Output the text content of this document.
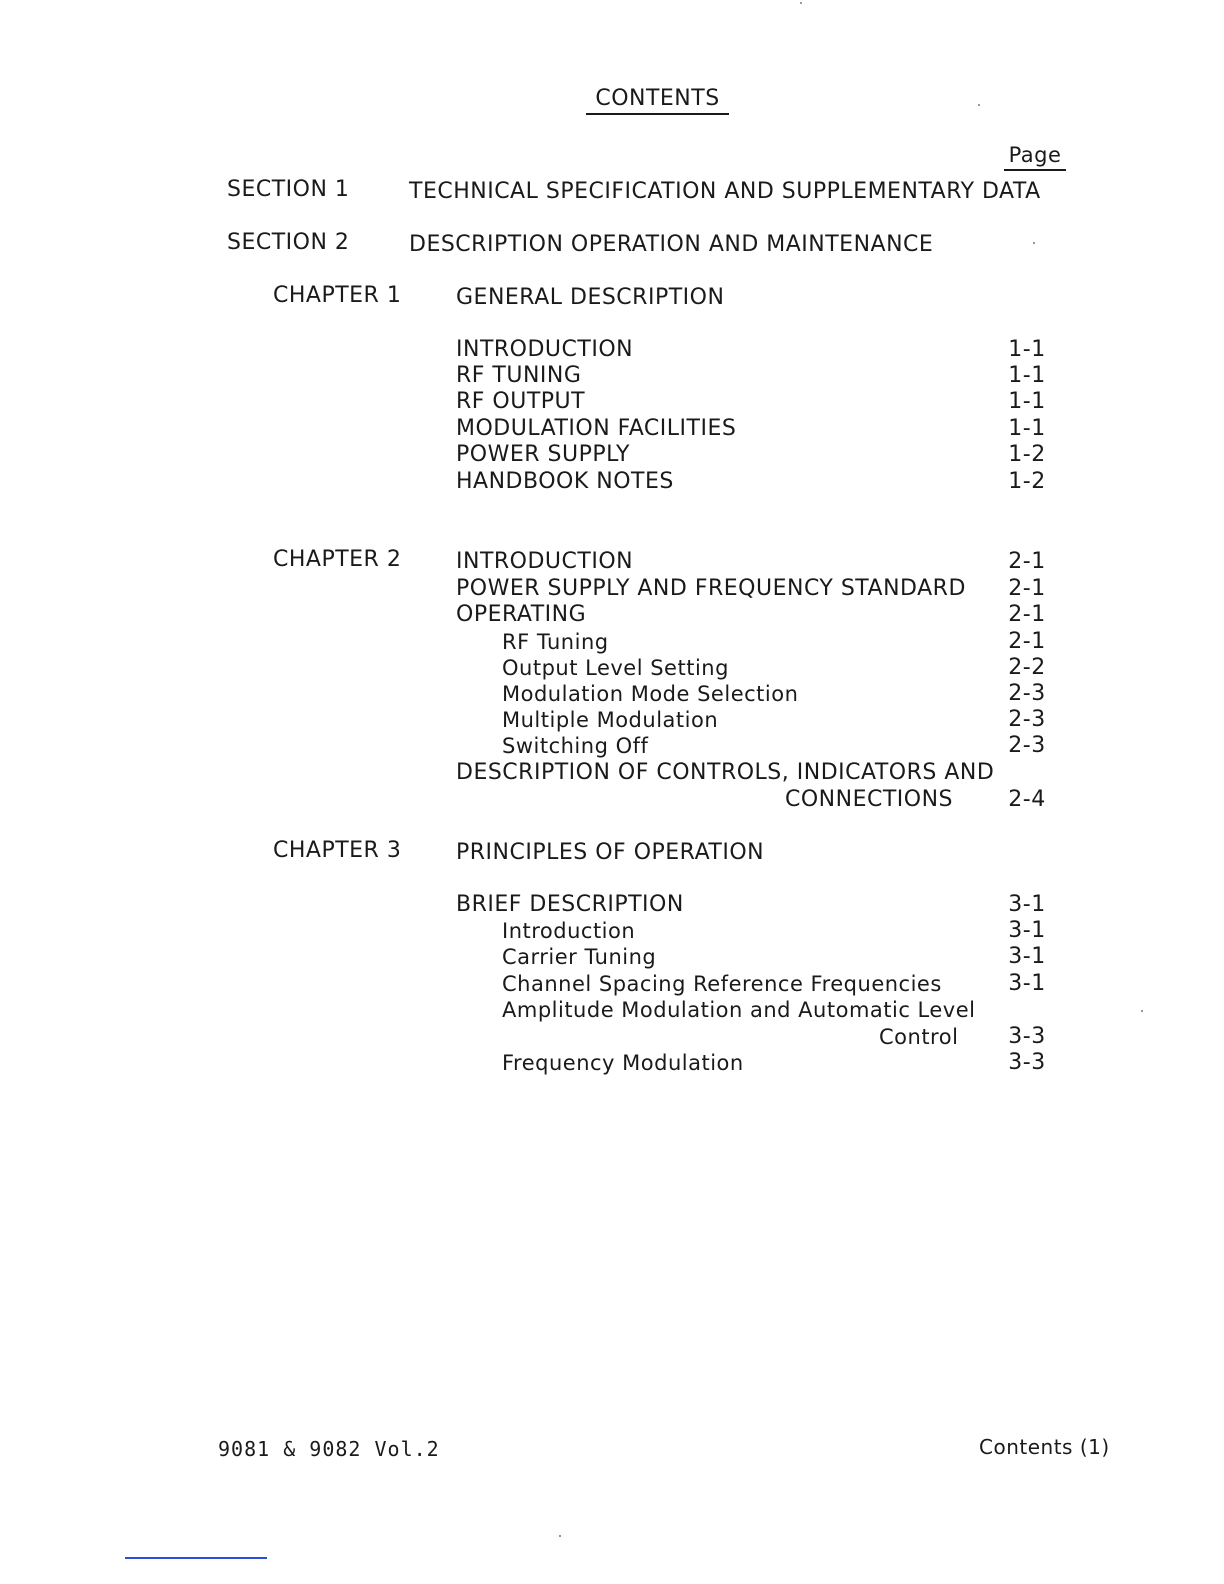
CONTENTS
Page
SECTION 1	TECHNICAL SPECIFICATION AND SUPPLEMENTARY DATA
SECTION 2	DESCRIPTION OPERATION AND MAINTENANCE
CHAPTER 1 GENERAL DESCRIPTION
INTRODUCTION	1-1
RF TUNING	1-1
RF OUTPUT	1-1
MODULATION FACILITIES	1-1
POWER SUPPLY	1-2
HANDBOOK NOTES	1-2
CHAPTER 2 INTRODUCTION	2-1
POWER SUPPLY AND FREQUENCY STANDARD 2-1
OPERATING	2-1
RF Tuning	2-1
Output Level Setting	2-2
Modulation Mode Selection	2-3
Multiple Modulation	2-3
Switching Off	2-3
DESCRIPTION OF CONTROLS, INDICATORS AND
CONNECTIONS	2-4
CHAPTER 3 PRINCIPLES OF OPERATION
BRIEF DESCRIPTION	3-1
Introduction	3-1
Carrier Tuning	3-1
Channel Spacing Reference Frequencies	3-1
Amplitude Modulation and Automatic Level
Control 3-3
Frequency Modulation	3-3
9081 & 9082 Vol.2	Contents (1)
